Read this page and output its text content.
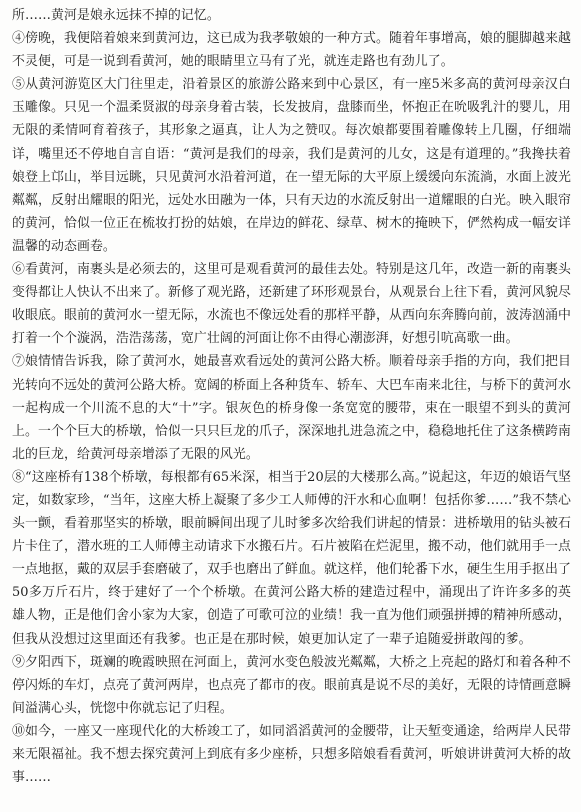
所……黄河是娘永远抹不掉的记忆。

④傍晚，我便陪着娘来到黄河边，这已成为我孝敬娘的一种方式。随着年事增高，娘的腿脚越来越不灵便，可是一说到看黄河，她的眼睛里立马有了光，就连走路也有劲儿了。

⑤从黄河游览区大门往里走，沿着景区的旅游公路来到中心景区，有一座5米多高的黄河母亲汉白玉雕像。只见一个温柔贤淑的母亲身着古装，长发披肩，盘膝而坐，怀抱正在吮吸乳汁的婴儿，用无限的柔情呵育着孩子，其形象之逼真，让人为之赞叹。每次娘都要围着雕像转上几圈，仔细端详，嘴里还不停地自言自语：“黄河是我们的母亲，我们是黄河的儿女，这是有道理的。”我搀扶着娘登上邙山，举目远眺，只见黄河水沿着河道，在一望无际的大平原上缓缓向东流淌，水面上波光粼粼，反射出耀眼的阳光，远处水田融为一体，只有天边的水流反射出一道耀眼的白光。映入眼帘的黄河，恰似一位正在梳妆打扮的姑娘，在岸边的鲜花、绿草、树木的掩映下，俨然构成一幅安详温馨的动态画卷。

⑥看黄河，南裹头是必须去的，这里可是观看黄河的最佳去处。特别是这几年，改造一新的南裹头变得都让人快认不出来了。新修了观光路，还新建了环形观景台，从观景台上往下看，黄河风貌尽收眼底。眼前的黄河水一望无际，水流也不像远处看的那样平静，从西向东奔腾向前，波涛汹涌中打着一个个漩涡，浩浩荡荡，宽广壮阔的河面让你不由得心潮澎湃，好想引吭高歌一曲。

⑦娘情情告诉我，除了黄河水，她最喜欢看远处的黄河公路大桥。顺着母亲手指的方向，我们把目光转向不远处的黄河公路大桥。宽阔的桥面上各种货车、轿车、大巴车南来北往，与桥下的黄河水一起构成一个川流不息的大“十”字。银灰色的桥身像一条宽宽的腰带，束在一眼望不到头的黄河上。一个个巨大的桥墩，恰似一只只巨龙的爪子，深深地扎进急流之中，稳稳地托住了这条横跨南北的巨龙，给黄河母亲增添了无限的风光。

⑧“这座桥有138个桥墩，每根都有65米深，相当于20层的大楼那么高。”说起这，年迈的娘语气坚定，如数家珍，“当年，这座大桥上凝聚了多少工人师傅的汗水和心血啊！包括你爹……”我不禁心头一颤，看着那坚实的桥墩，眼前瞬间出现了儿时爹多次给我们讲起的情景：进桥墩用的钻头被石片卡住了，潜水班的工人师傅主动请求下水搬石片。石片被陷在烂泥里，搬不动，他们就用手一点一点地抠，戴的双层手套磨破了，双手也磨出了鲜血。就这样，他们轮番下水，硬生生用手抠出了50多万斤石片，终于建好了一个个桥墩。在黄河公路大桥的建造过程中，涌现出了许许多多的英雄人物，正是他们舍小家为大家，创造了可歌可泣的业绩！我一直为他们顽强拼搏的精神所感动，但我从没想过这里面还有我爹。也正是在那时候，娘更加认定了一辈子追随爱拼敢闯的爹。

⑨夕阳西下，斑斓的晚霞映照在河面上，黄河水变色般波光粼粼，大桥之上亮起的路灯和着各种不停闪烁的车灯，点亮了黄河两岸，也点亮了都市的夜。眼前真是说不尽的美好，无限的诗情画意瞬间溢满心头，恍惚中你就忘记了归程。

⑩如今，一座又一座现代化的大桥竣工了，如同滔滔黄河的金腰带，让天堑变通途，给两岸人民带来无限福祉。我不想去探究黄河上到底有多少座桥，只想多陪娘看看黄河，听娘讲讲黄河大桥的故事……
